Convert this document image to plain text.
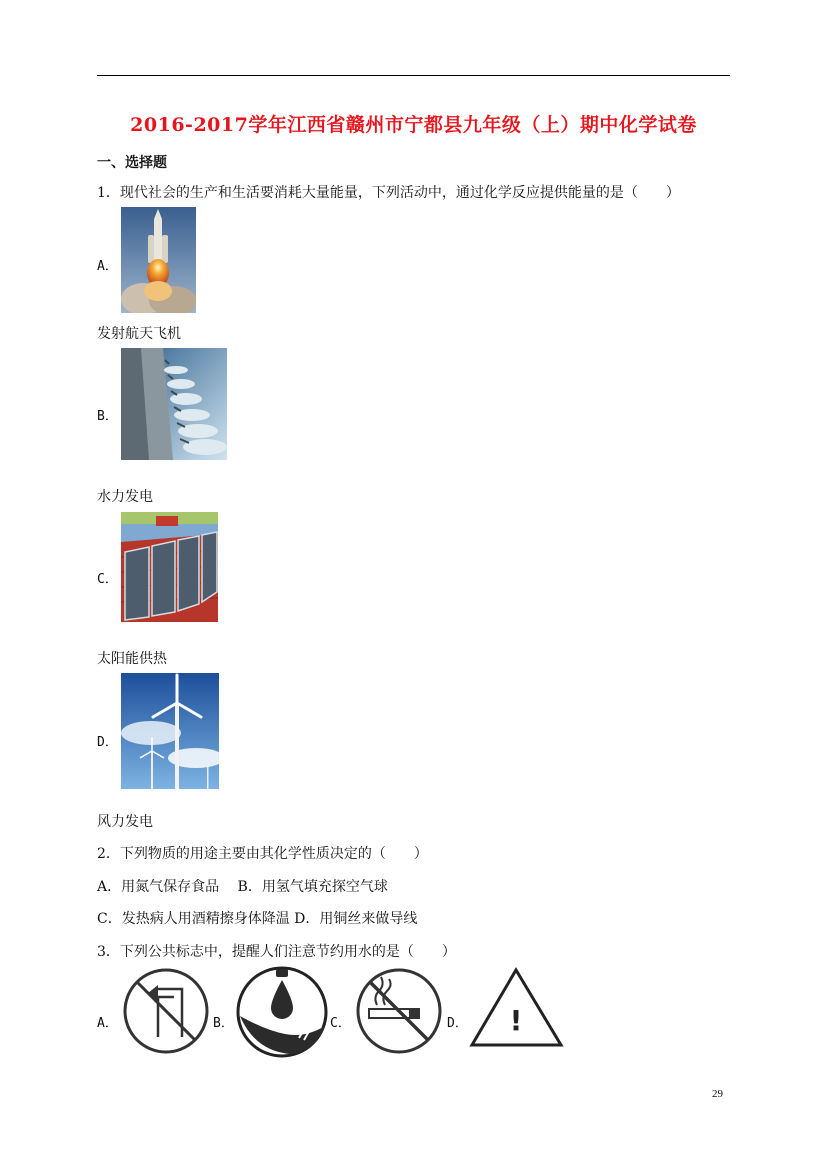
2016-2017学年江西省赣州市宁都县九年级（上）期中化学试卷
一、选择题
1．现代社会的生产和生活要消耗大量能量，下列活动中，通过化学反应提供能量的是（　　）
A．
发射航天飞机
B．
水力发电
C．
太阳能供热
D．
风力发电
2．下列物质的用途主要由其化学性质决定的（　　）
A．用氮气保存食品　 B．用氢气填充探空气球
C．发热病人用酒精擦身体降温 D．用铜丝来做导线
3．下列公共标志中，提醒人们注意节约用水的是（　　）
A．	B．	C．	D． !
29
